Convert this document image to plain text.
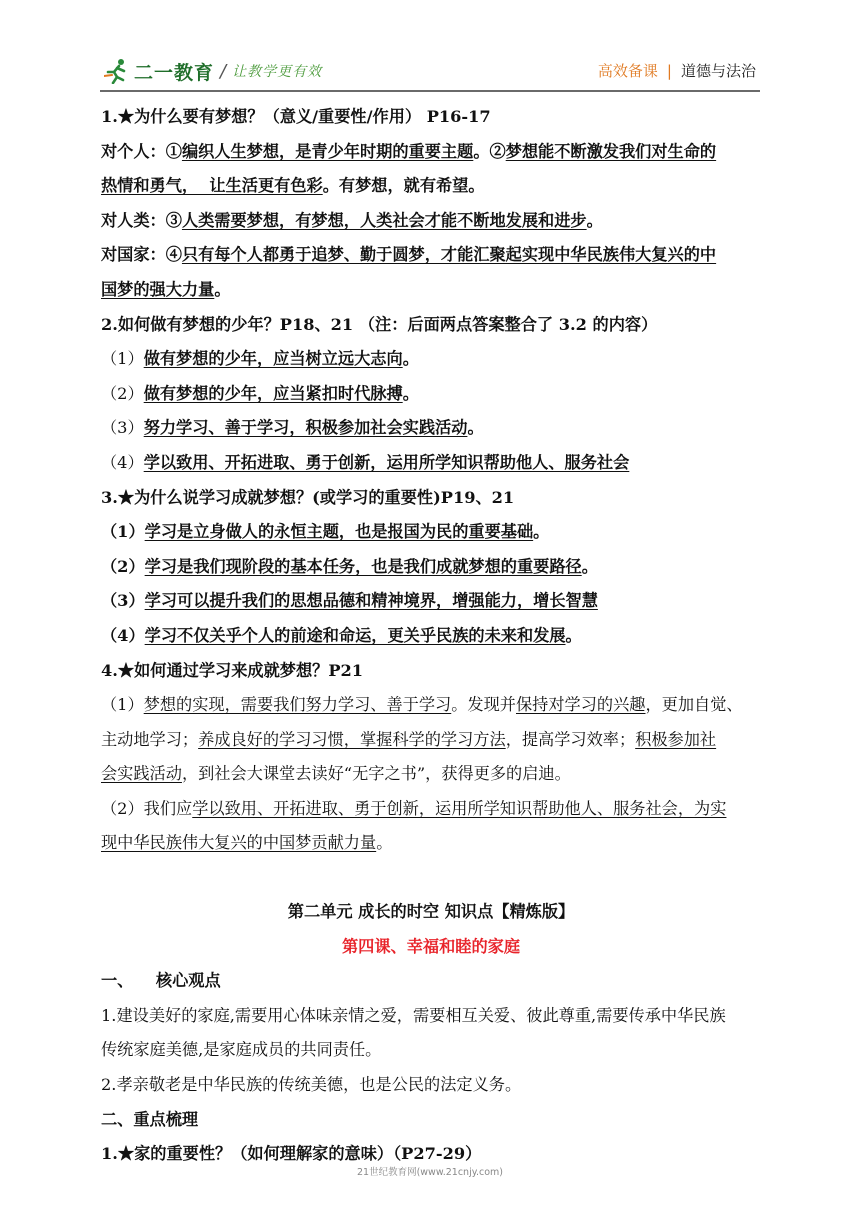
二一教育 / 让教学更有效	高效备课 | 道德与法治
1.★为什么要有梦想？（意义/重要性/作用） P16-17
对个人：①编织人生梦想，是青少年时期的重要主题。②梦想能不断激发我们对生命的
热情和勇气，  让生活更有色彩。有梦想，就有希望。
对人类：③人类需要梦想，有梦想，人类社会才能不断地发展和进步。
对国家：④只有每个人都勇于追梦、勤于圆梦，才能汇聚起实现中华民族伟大复兴的中
国梦的强大力量。
2.如何做有梦想的少年？P18、21 （注：后面两点答案整合了 3.2 的内容）
（1）做有梦想的少年，应当树立远大志向。
（2）做有梦想的少年，应当紧扣时代脉搏。
（3）努力学习、善于学习，积极参加社会实践活动。
（4）学以致用、开拓进取、勇于创新，运用所学知识帮助他人、服务社会
3.★为什么说学习成就梦想？(或学习的重要性)P19、21
（1）学习是立身做人的永恒主题，也是报国为民的重要基础。
（2）学习是我们现阶段的基本任务，也是我们成就梦想的重要路径。
（3）学习可以提升我们的思想品德和精神境界，增强能力，增长智慧
（4）学习不仅关乎个人的前途和命运，更关乎民族的未来和发展。
4.★如何通过学习来成就梦想？P21
（1）梦想的实现，需要我们努力学习、善于学习。发现并保持对学习的兴趣，更加自觉、
主动地学习；养成良好的学习习惯，掌握科学的学习方法，提高学习效率；积极参加社
会实践活动，到社会大课堂去读好“无字之书”，获得更多的启迪。
（2）我们应学以致用、开拓进取、勇于创新，运用所学知识帮助他人、服务社会，为实
现中华民族伟大复兴的中国梦贡献力量。
第二单元 成长的时空 知识点【精炼版】
第四课、幸福和睦的家庭
一、    核心观点
1.建设美好的家庭,需要用心体味亲情之爱，需要相互关爱、彼此尊重,需要传承中华民族
传统家庭美德,是家庭成员的共同责任。
2.孝亲敬老是中华民族的传统美德，也是公民的法定义务。
二、重点梳理
1.★家的重要性？（如何理解家的意味）（P27-29）
21世纪教育网(www.21cnjy.com)
